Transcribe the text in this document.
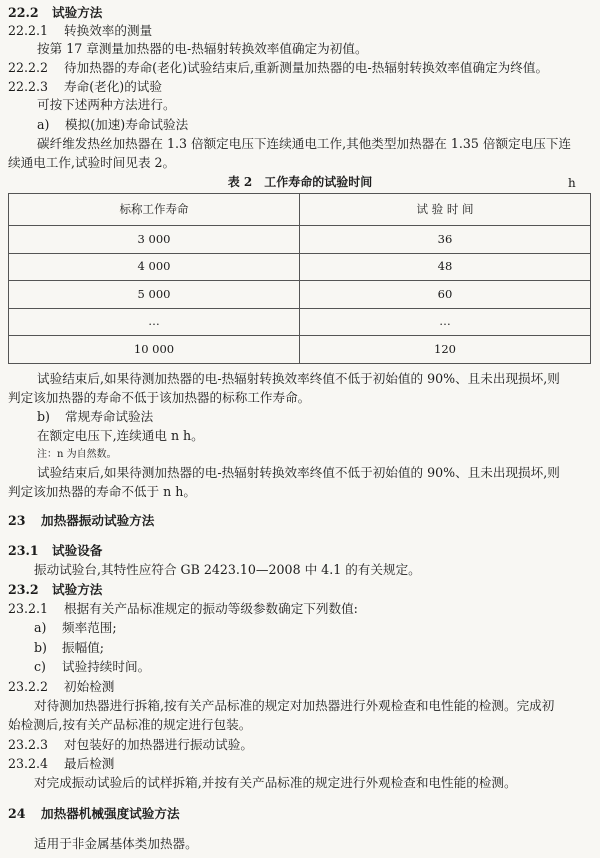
22.2 试验方法
22.2.1 转换效率的测量
按第 17 章测量加热器的电-热辐射转换效率值确定为初值。
22.2.2 待加热器的寿命(老化)试验结束后,重新测量加热器的电-热辐射转换效率值确定为终值。
22.2.3 寿命(老化)的试验
可按下述两种方法进行。
a) 模拟(加速)寿命试验法
碳纤维发热丝加热器在 1.3 倍额定电压下连续通电工作,其他类型加热器在 1.35 倍额定电压下连
续通电工作,试验时间见表 2。
表 2　工作寿命的试验时间	h
标称工作寿命	试 验 时 间
3 000	36
4 000	48
5 000	60
…	…
10 000	120
试验结束后,如果待测加热器的电-热辐射转换效率终值不低于初始值的 90%、且未出现损坏,则
判定该加热器的寿命不低于该加热器的标称工作寿命。
b) 常规寿命试验法
在额定电压下,连续通电 n h。
注：n 为自然数。
试验结束后,如果待测加热器的电-热辐射转换效率终值不低于初始值的 90%、且未出现损坏,则
判定该加热器的寿命不低于 n h。
23 加热器振动试验方法
23.1 试验设备
振动试验台,其特性应符合 GB 2423.10—2008 中 4.1 的有关规定。
23.2 试验方法
23.2.1 根据有关产品标准规定的振动等级参数确定下列数值:
a) 频率范围;
b) 振幅值;
c) 试验持续时间。
23.2.2 初始检测
对待测加热器进行拆箱,按有关产品标准的规定对加热器进行外观检查和电性能的检测。完成初
始检测后,按有关产品标准的规定进行包装。
23.2.3 对包装好的加热器进行振动试验。
23.2.4 最后检测
对完成振动试验后的试样拆箱,并按有关产品标准的规定进行外观检查和电性能的检测。
24 加热器机械强度试验方法
适用于非金属基体类加热器。
